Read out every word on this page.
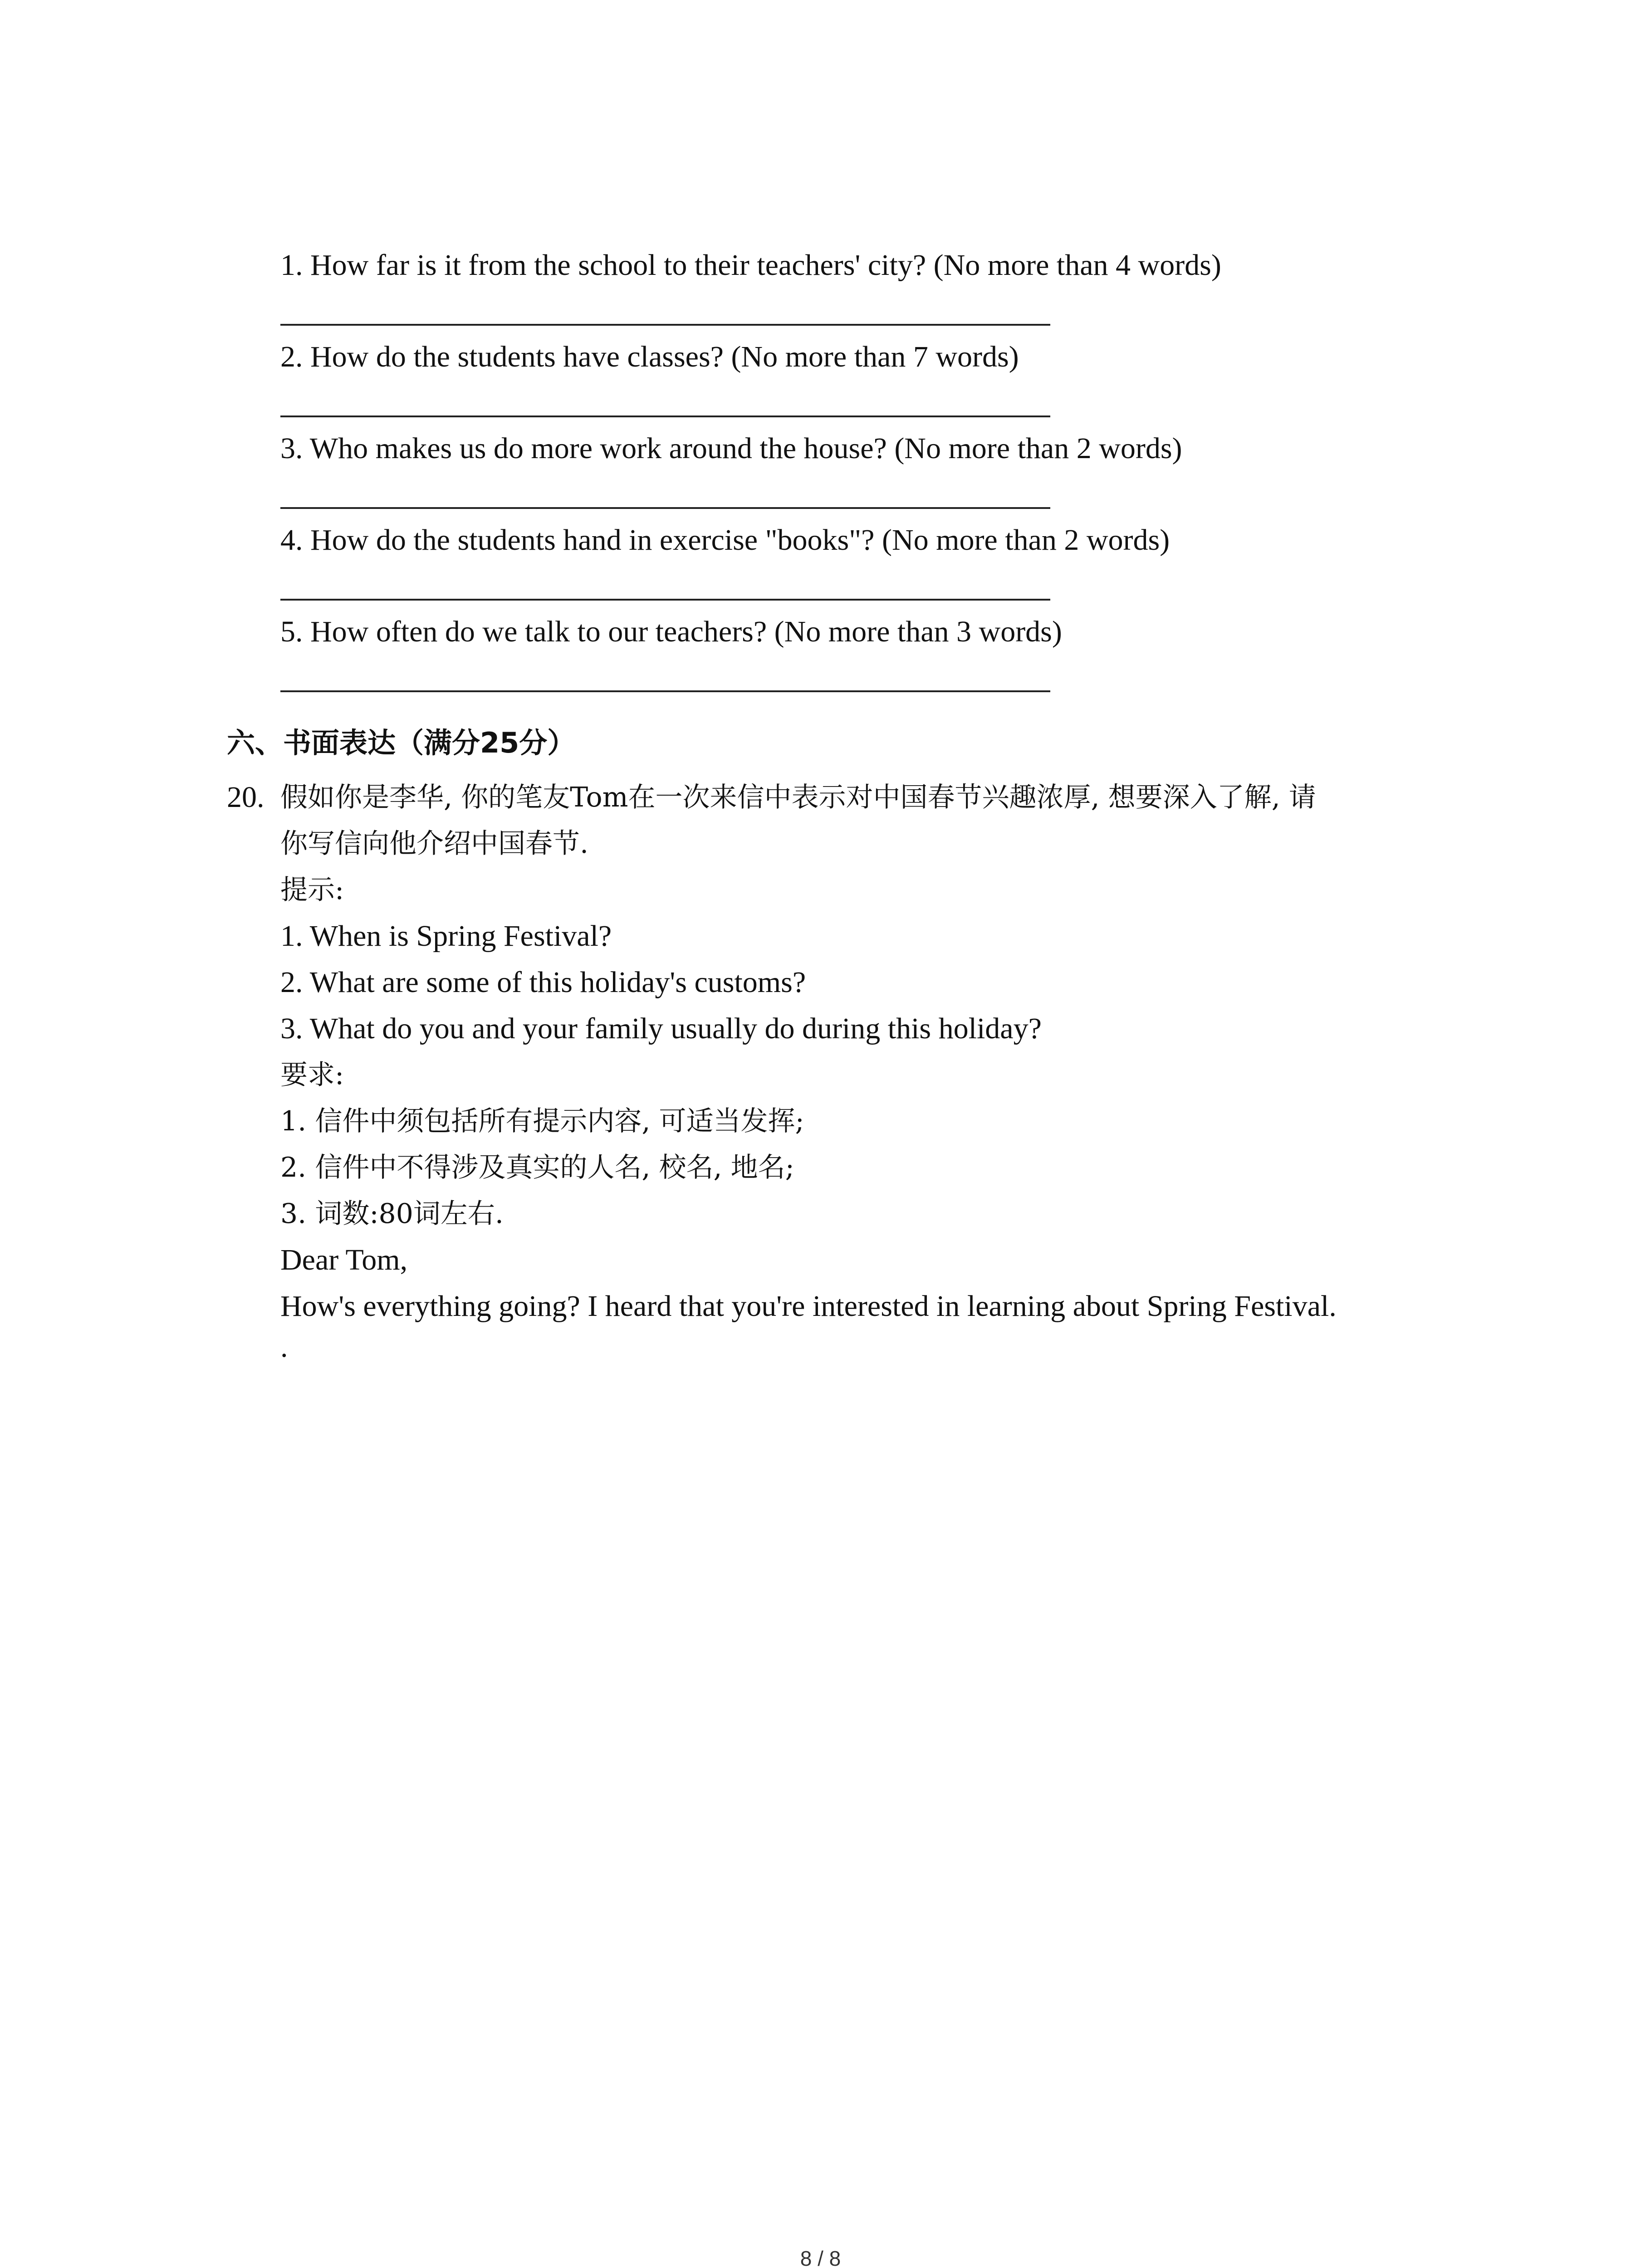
1. How far is it from the school to their teachers' city? (No more than 4 words)
2. How do the students have classes? (No more than 7 words)
3. Who makes us do more work around the house? (No more than 2 words)
4. How do the students hand in exercise "books"? (No more than 2 words)
5. How often do we talk to our teachers? (No more than 3 words)
六、书面表达（满分25分）
20. 假如你是李华, 你的笔友Tom在一次来信中表示对中国春节兴趣浓厚, 想要深入了解, 请
你写信向他介绍中国春节.
提示:
1. When is Spring Festival?
2. What are some of this holiday's customs?
3. What do you and your family usually do during this holiday?
要求:
1. 信件中须包括所有提示内容, 可适当发挥;
2. 信件中不得涉及真实的人名, 校名, 地名;
3. 词数:80词左右.
Dear Tom,
How's everything going? I heard that you're interested in learning about Spring Festival.
.
8 / 8
